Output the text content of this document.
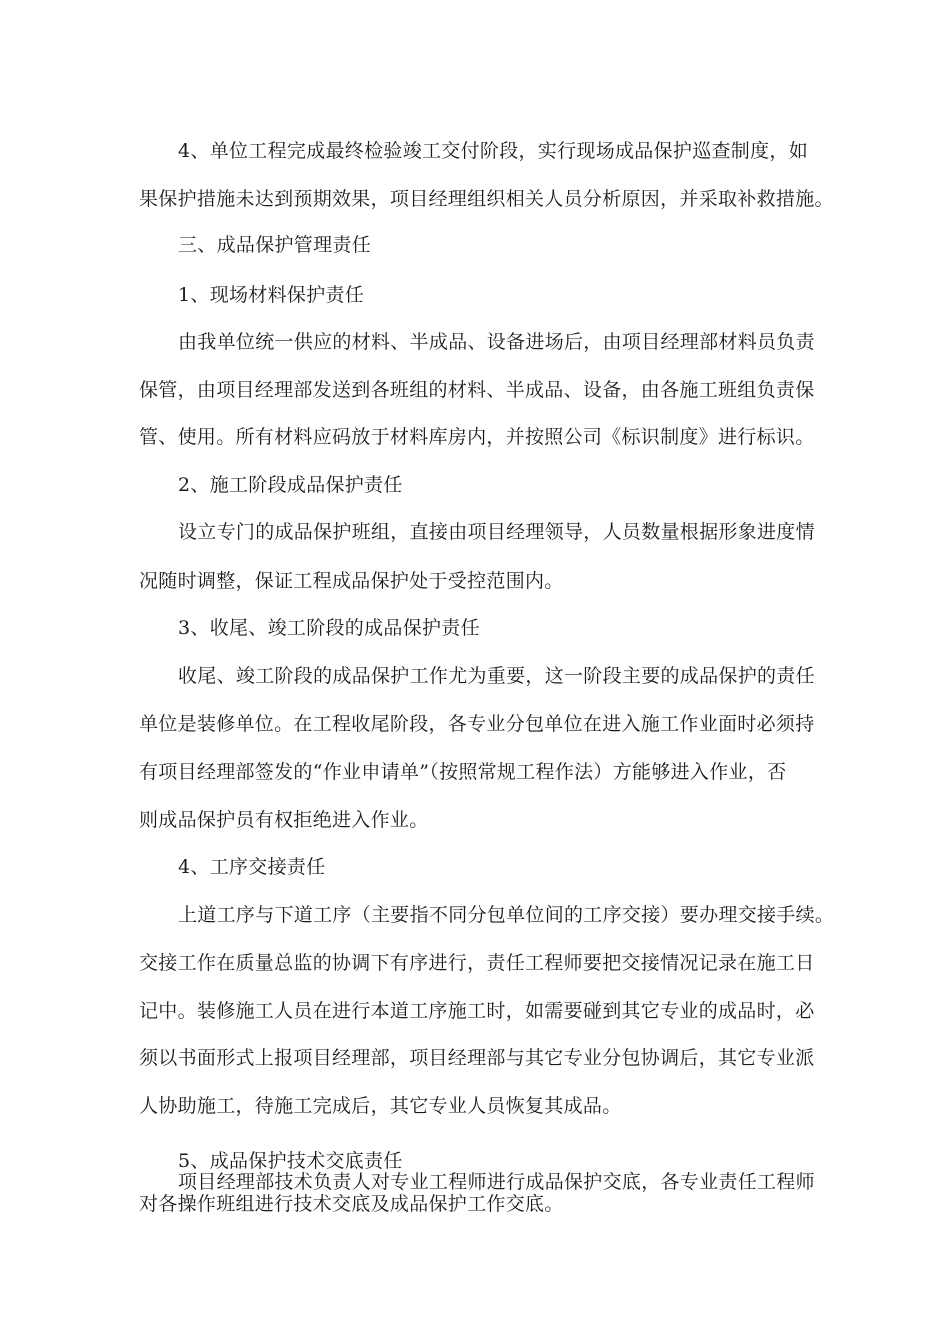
4、单位工程完成最终检验竣工交付阶段，实行现场成品保护巡查制度，如
果保护措施未达到预期效果，项目经理组织相关人员分析原因，并采取补救措施。
三、成品保护管理责任
1、现场材料保护责任
由我单位统一供应的材料、半成品、设备进场后，由项目经理部材料员负责
保管，由项目经理部发送到各班组的材料、半成品、设备，由各施工班组负责保
管、使用。所有材料应码放于材料库房内，并按照公司《标识制度》进行标识。
2、施工阶段成品保护责任
设立专门的成品保护班组，直接由项目经理领导，人员数量根据形象进度情
况随时调整，保证工程成品保护处于受控范围内。
3、收尾、竣工阶段的成品保护责任
收尾、竣工阶段的成品保护工作尤为重要，这一阶段主要的成品保护的责任
单位是装修单位。在工程收尾阶段，各专业分包单位在进入施工作业面时必须持
有项目经理部签发的“作业申请单”（按照常规工程作法）方能够进入作业，否
则成品保护员有权拒绝进入作业。
4、工序交接责任
上道工序与下道工序（主要指不同分包单位间的工序交接）要办理交接手续。
交接工作在质量总监的协调下有序进行，责任工程师要把交接情况记录在施工日
记中。装修施工人员在进行本道工序施工时，如需要碰到其它专业的成品时，必
须以书面形式上报项目经理部，项目经理部与其它专业分包协调后，其它专业派
人协助施工，待施工完成后，其它专业人员恢复其成品。
5、成品保护技术交底责任
项目经理部技术负责人对专业工程师进行成品保护交底，各专业责任工程师
对各操作班组进行技术交底及成品保护工作交底。
